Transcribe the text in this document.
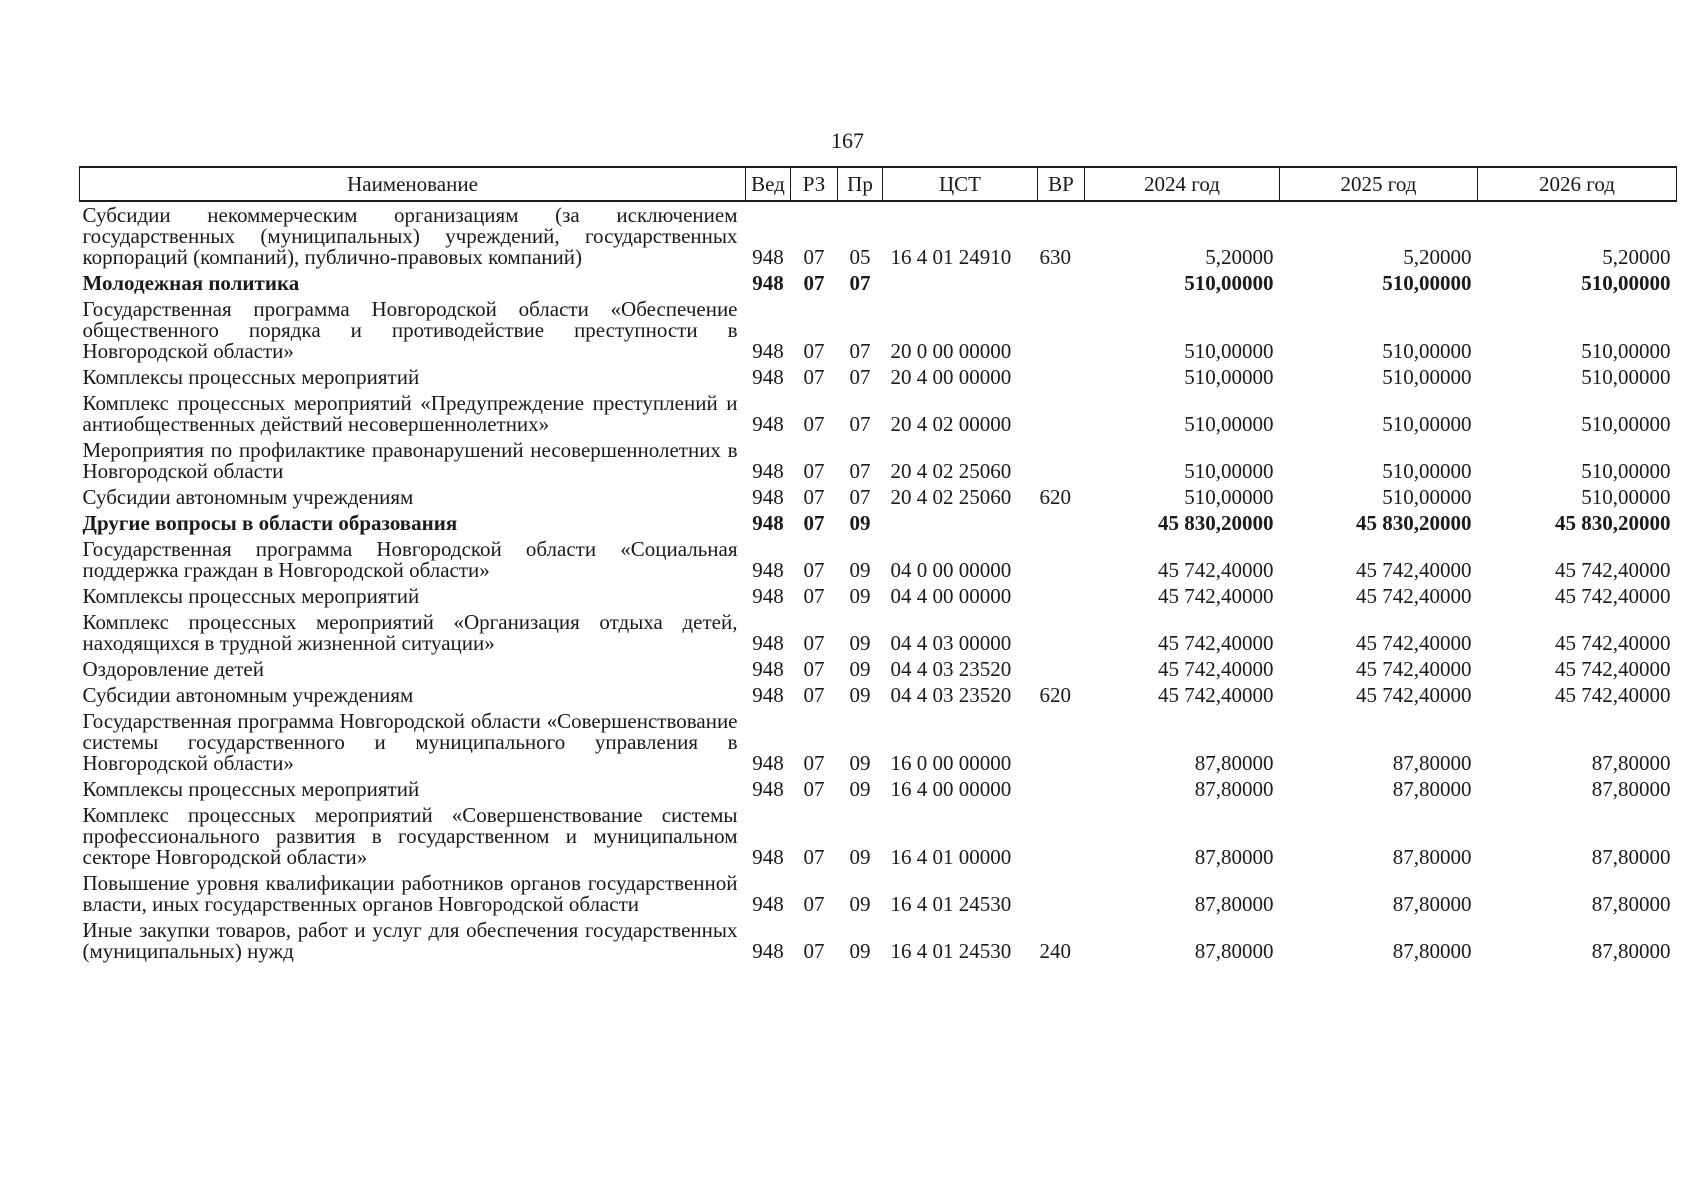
167
Наименование	Вед	РЗ	Пр	ЦСТ	ВР	2024 год	2025 год	2026 год
Субсидии некоммерческим организациям (за исключением государственных (муниципальных) учреждений, государственных корпораций (компаний), публично-правовых компаний)	948	07	05	16 4 01 24910	630	5,20000	5,20000	5,20000
Молодежная политика	948	07	07			510,00000	510,00000	510,00000
Государственная программа Новгородской области «Обеспечение общественного порядка и противодействие преступности в Новгородской области»	948	07	07	20 0 00 00000		510,00000	510,00000	510,00000
Комплексы процессных мероприятий	948	07	07	20 4 00 00000		510,00000	510,00000	510,00000
Комплекс процессных мероприятий «Предупреждение преступлений и антиобщественных действий несовершеннолетних»	948	07	07	20 4 02 00000		510,00000	510,00000	510,00000
Мероприятия по профилактике правонарушений несовершеннолетних в Новгородской области	948	07	07	20 4 02 25060		510,00000	510,00000	510,00000
Субсидии автономным учреждениям	948	07	07	20 4 02 25060	620	510,00000	510,00000	510,00000
Другие вопросы в области образования	948	07	09			45 830,20000	45 830,20000	45 830,20000
Государственная программа Новгородской области «Социальная поддержка граждан в Новгородской области»	948	07	09	04 0 00 00000		45 742,40000	45 742,40000	45 742,40000
Комплексы процессных мероприятий	948	07	09	04 4 00 00000		45 742,40000	45 742,40000	45 742,40000
Комплекс процессных мероприятий «Организация отдыха детей, находящихся в трудной жизненной ситуации»	948	07	09	04 4 03 00000		45 742,40000	45 742,40000	45 742,40000
Оздоровление детей	948	07	09	04 4 03 23520		45 742,40000	45 742,40000	45 742,40000
Субсидии автономным учреждениям	948	07	09	04 4 03 23520	620	45 742,40000	45 742,40000	45 742,40000
Государственная программа Новгородской области «Совершенствование системы государственного и муниципального управления в Новгородской области»	948	07	09	16 0 00 00000		87,80000	87,80000	87,80000
Комплексы процессных мероприятий	948	07	09	16 4 00 00000		87,80000	87,80000	87,80000
Комплекс процессных мероприятий «Совершенствование системы профессионального развития в государственном и муниципальном секторе Новгородской области»	948	07	09	16 4 01 00000		87,80000	87,80000	87,80000
Повышение уровня квалификации работников органов государственной власти, иных государственных органов Новгородской области	948	07	09	16 4 01 24530		87,80000	87,80000	87,80000
Иные закупки товаров, работ и услуг для обеспечения государственных (муниципальных) нужд	948	07	09	16 4 01 24530	240	87,80000	87,80000	87,80000
